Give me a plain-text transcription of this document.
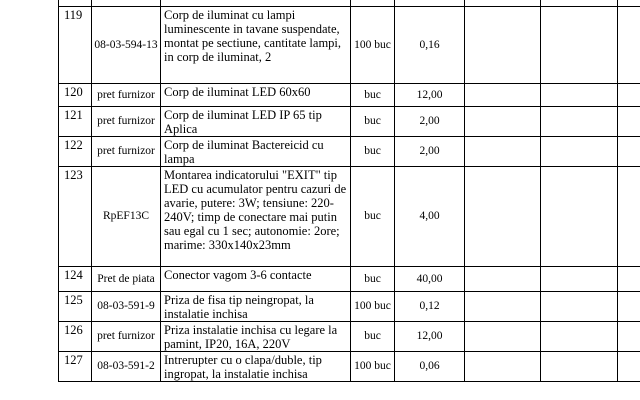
119	08-03-594-13	Corp de iluminat cu lampi luminescente in tavane suspendate, montat pe sectiune, cantitate lampi, in corp de iluminat, 2	100 buc	0,16			
120	pret furnizor	Corp de iluminat LED 60x60	buc	12,00			
121	pret furnizor	Corp de iluminat LED IP 65 tip Aplica	buc	2,00			
122	pret furnizor	Corp de iluminat Bactereicid cu lampa	buc	2,00			
123	RpEF13C	Montarea indicatorului "EXIT" tip LED cu acumulator pentru cazuri de avarie, putere: 3W; tensiune: 220-240V; timp de conectare mai putin sau egal cu 1 sec; autonomie: 2ore; marime: 330x140x23mm	buc	4,00			
124	Pret de piata	Conector vagom 3-6 contacte	buc	40,00			
125	08-03-591-9	Priza de fisa tip neingropat, la instalatie inchisa	100 buc	0,12			
126	pret furnizor	Priza instalatie inchisa cu legare la pamint, IP20, 16A, 220V	buc	12,00			
127	08-03-591-2	Intrerupter cu o clapa/duble, tip ingropat, la instalatie inchisa	100 buc	0,06			
